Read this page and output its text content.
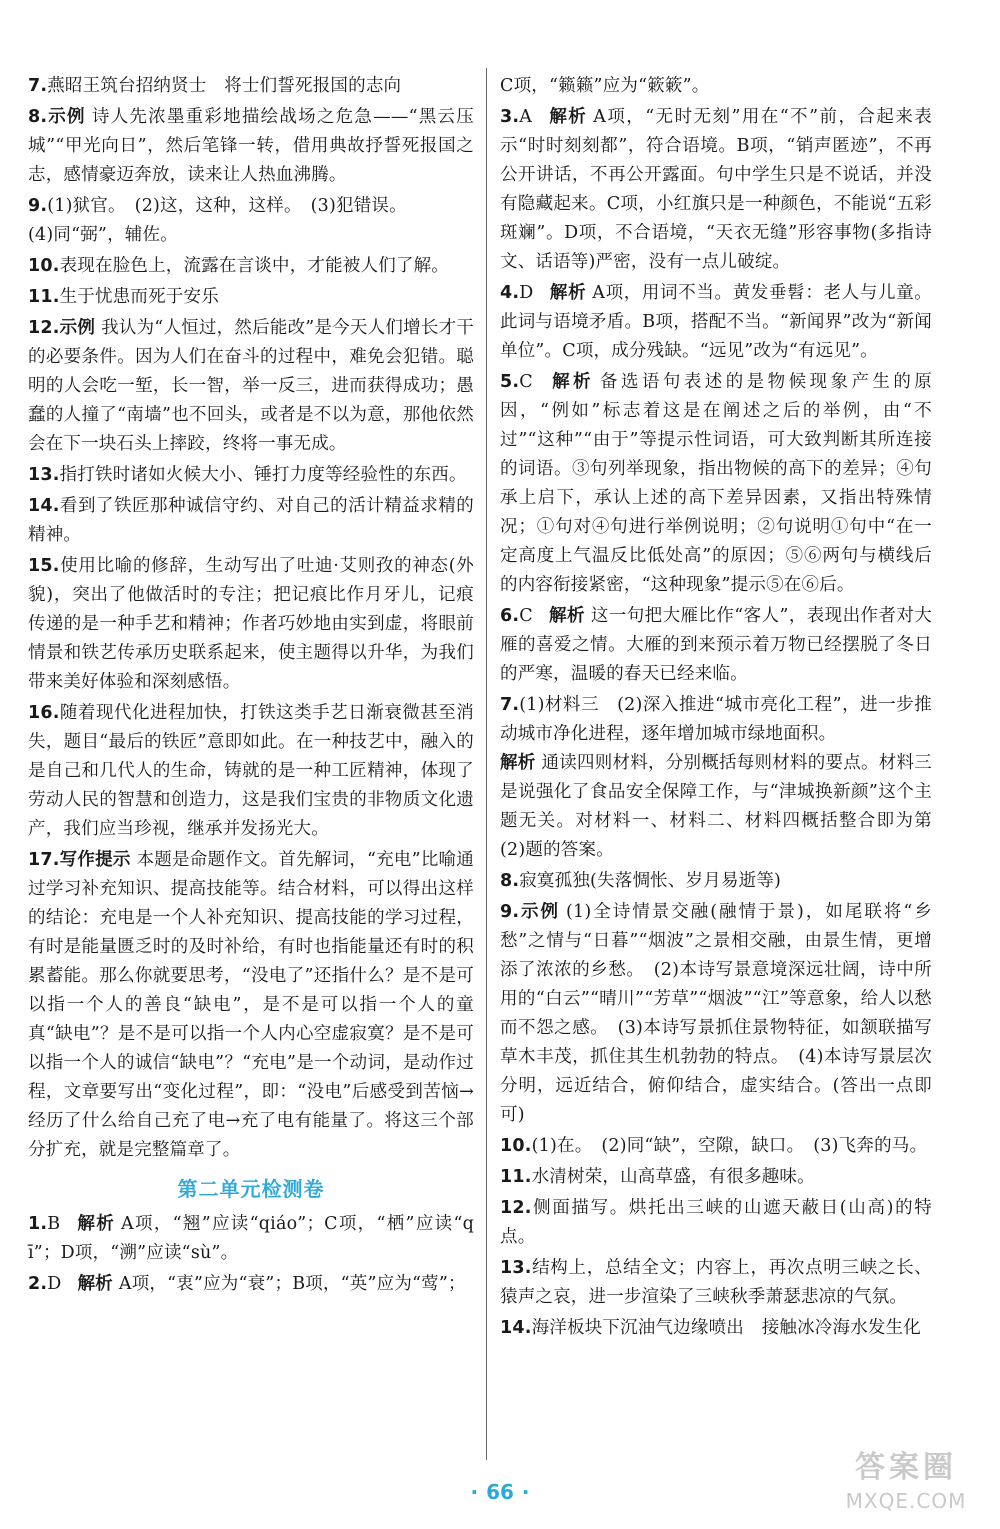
7.燕昭王筑台招纳贤士　将士们誓死报国的志向
8.示例 诗人先浓墨重彩地描绘战场之危急——“黑云压城”“甲光向日”，然后笔锋一转，借用典故抒誓死报国之志，感情豪迈奔放，读来让人热血沸腾。
9.(1)狱官。　(2)这，这种，这样。　(3)犯错误。

(4)同“弼”，辅佐。

10.表现在脸色上，流露在言谈中，才能被人们了解。
11.生于忧患而死于安乐
12.示例 我认为“人恒过，然后能改”是今天人们增长才干的必要条件。因为人们在奋斗的过程中，难免会犯错。聪明的人会吃一堑，长一智，举一反三，进而获得成功；愚蠢的人撞了“南墙”也不回头，或者是不以为意，那他依然会在下一块石头上摔跤，终将一事无成。
13.指打铁时诸如火候大小、锤打力度等经验性的东西。
14.看到了铁匠那种诚信守约、对自己的活计精益求精的精神。
15.使用比喻的修辞，生动写出了吐迪·艾则孜的神态(外貌)，突出了他做活时的专注；把记痕比作月牙儿，记痕传递的是一种手艺和精神；作者巧妙地由实到虚，将眼前情景和铁艺传承历史联系起来，使主题得以升华，为我们带来美好体验和深刻感悟。
16.随着现代化进程加快，打铁这类手艺日渐衰微甚至消失，题目“最后的铁匠”意即如此。在一种技艺中，融入的是自己和几代人的生命，铸就的是一种工匠精神，体现了劳动人民的智慧和创造力，这是我们宝贵的非物质文化遗产，我们应当珍视，继承并发扬光大。
17.写作提示 本题是命题作文。首先解词，“充电”比喻通过学习补充知识、提高技能等。结合材料，可以得出这样的结论：充电是一个人补充知识、提高技能的学习过程，有时是能量匮乏时的及时补给，有时也指能量还有时的积累蓄能。那么你就要思考，“没电了”还指什么？是不是可以指一个人的善良“缺电”，是不是可以指一个人的童真“缺电”？是不是可以指一个人内心空虚寂寞？是不是可以指一个人的诚信“缺电”？“充电”是一个动词，是动作过程，文章要写出“变化过程”，即：“没电”后感受到苦恼→经历了什么给自己充了电→充了电有能量了。将这三个部分扩充，就是完整篇章了。
第二单元检测卷
1.B 解析 A项，“翘”应读“qiáo”；C项，“栖”应读“qī”；D项，“溯”应读“sù”。
2.D 解析 A项，“衷”应为“衰”；B项，“英”应为“莺”；
C项，“籁籁”应为“簌簌”。
3.A 解析 A项，“无时无刻”用在“不”前，合起来表示“时时刻刻都”，符合语境。B项，“销声匿迹”，不再公开讲话，不再公开露面。句中学生只是不说话，并没有隐藏起来。C项，小红旗只是一种颜色，不能说“五彩斑斓”。D项，不合语境，“天衣无缝”形容事物(多指诗文、话语等)严密，没有一点儿破绽。
4.D 解析 A项，用词不当。黄发垂髫：老人与儿童。此词与语境矛盾。B项，搭配不当。“新闻界”改为“新闻单位”。C项，成分残缺。“远见”改为“有远见”。
5.C 解析 备选语句表述的是物候现象产生的原因，“例如”标志着这是在阐述之后的举例，由“不过”“这种”“由于”等提示性词语，可大致判断其所连接的词语。③句列举现象，指出物候的高下的差异；④句承上启下，承认上述的高下差异因素，又指出特殊情况；①句对④句进行举例说明；②句说明①句中“在一定高度上气温反比低处高”的原因；⑤⑥两句与横线后的内容衔接紧密，“这种现象”提示⑤在⑥后。
6.C 解析 这一句把大雁比作“客人”，表现出作者对大雁的喜爱之情。大雁的到来预示着万物已经摆脱了冬日的严寒，温暖的春天已经来临。
7.(1)材料三　(2)深入推进“城市亮化工程”，进一步推动城市净化进程，逐年增加城市绿地面积。

解析 通读四则材料，分别概括每则材料的要点。材料三是说强化了食品安全保障工作，与“津城换新颜”这个主题无关。对材料一、材料二、材料四概括整合即为第(2)题的答案。

8.寂寞孤独(失落惆怅、岁月易逝等)
9.示例 (1)全诗情景交融(融情于景)，如尾联将“乡愁”之情与“日暮”“烟波”之景相交融，由景生情，更增添了浓浓的乡愁。　(2)本诗写景意境深远壮阔，诗中所用的“白云”“晴川”“芳草”“烟波”“江”等意象，给人以愁而不怨之感。　(3)本诗写景抓住景物特征，如颔联描写草木丰茂，抓住其生机勃勃的特点。　(4)本诗写景层次分明，远近结合，俯仰结合，虚实结合。(答出一点即可)
10.(1)在。　(2)同“缺”，空隙，缺口。　(3)飞奔的马。
11.水清树荣，山高草盛，有很多趣味。
12.侧面描写。烘托出三峡的山遮天蔽日(山高)的特点。
13.结构上，总结全文；内容上，再次点明三峡之长、猿声之哀，进一步渲染了三峡秋季萧瑟悲凉的气氛。
14.海洋板块下沉油气边缘喷出　接触冰冷海水发生化
· 66 ·
答案圈
MXQE.COM
